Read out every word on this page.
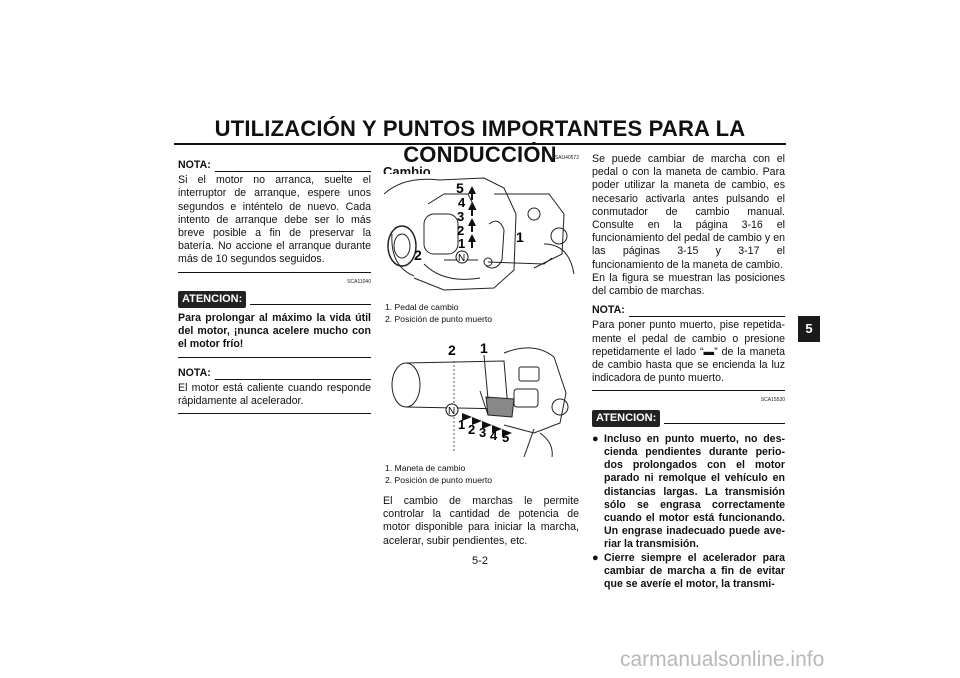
UTILIZACIÓN Y PUNTOS IMPORTANTES PARA LA CONDUCCIÓN
NOTA:

Si el motor no arranca, suelte el interruptor de arranque, espere unos segundos e inténtelo de nuevo. Cada intento de arranque debe ser lo más breve posible a fin de preservar la batería. No accione el arranque durante más de 10 segundos seguidos.

SCA11040
ATENCION:

Para prolongar al máximo la vida útil del motor, ¡nunca acelere mucho con el motor frío!

NOTA:

El motor está caliente cuando responde rápidamente al acelerador.

SAU40572
Cambio
5
4
3
2
1
N
1
2
1. Pedal de cambio
2. Posición de punto muerto
2 1
N
1 2 3 4 5
1. Maneta de cambio
2. Posición de punto muerto

El cambio de marchas le permite controlar la cantidad de potencia de motor disponible para iniciar la marcha, acelerar, subir pendientes, etc.

Se puede cambiar de marcha con el pedal o con la maneta de cambio. Para poder utilizar la maneta de cambio, es necesario activarla antes pulsando el conmutador de cambio manual. Consulte en la página 3-16 el funcionamiento del pedal de cambio y en las páginas 3-15 y 3-17 el funcionamiento de la maneta de cambio.

En la figura se muestran las posiciones del cambio de marchas.

NOTA:

Para poner punto muerto, pise repetidamente el pedal de cambio o presione repetidamente el lado “▬” de la maneta de cambio hasta que se encienda la luz indicadora de punto muerto.

SCA15530
ATENCION:
● Incluso en punto muerto, no descienda pendientes durante periodos prolongados con el motor parado ni remolque el vehículo en distancias largas. La transmisión sólo se engrasa correctamente cuando el motor está funcionando. Un engrase inadecuado puede averiar la transmisión.

● Cierre siempre el acelerador para cambiar de marcha a fin de evitar que se averíe el motor, la transmi-

5
5-2
carmanualsonline.info
